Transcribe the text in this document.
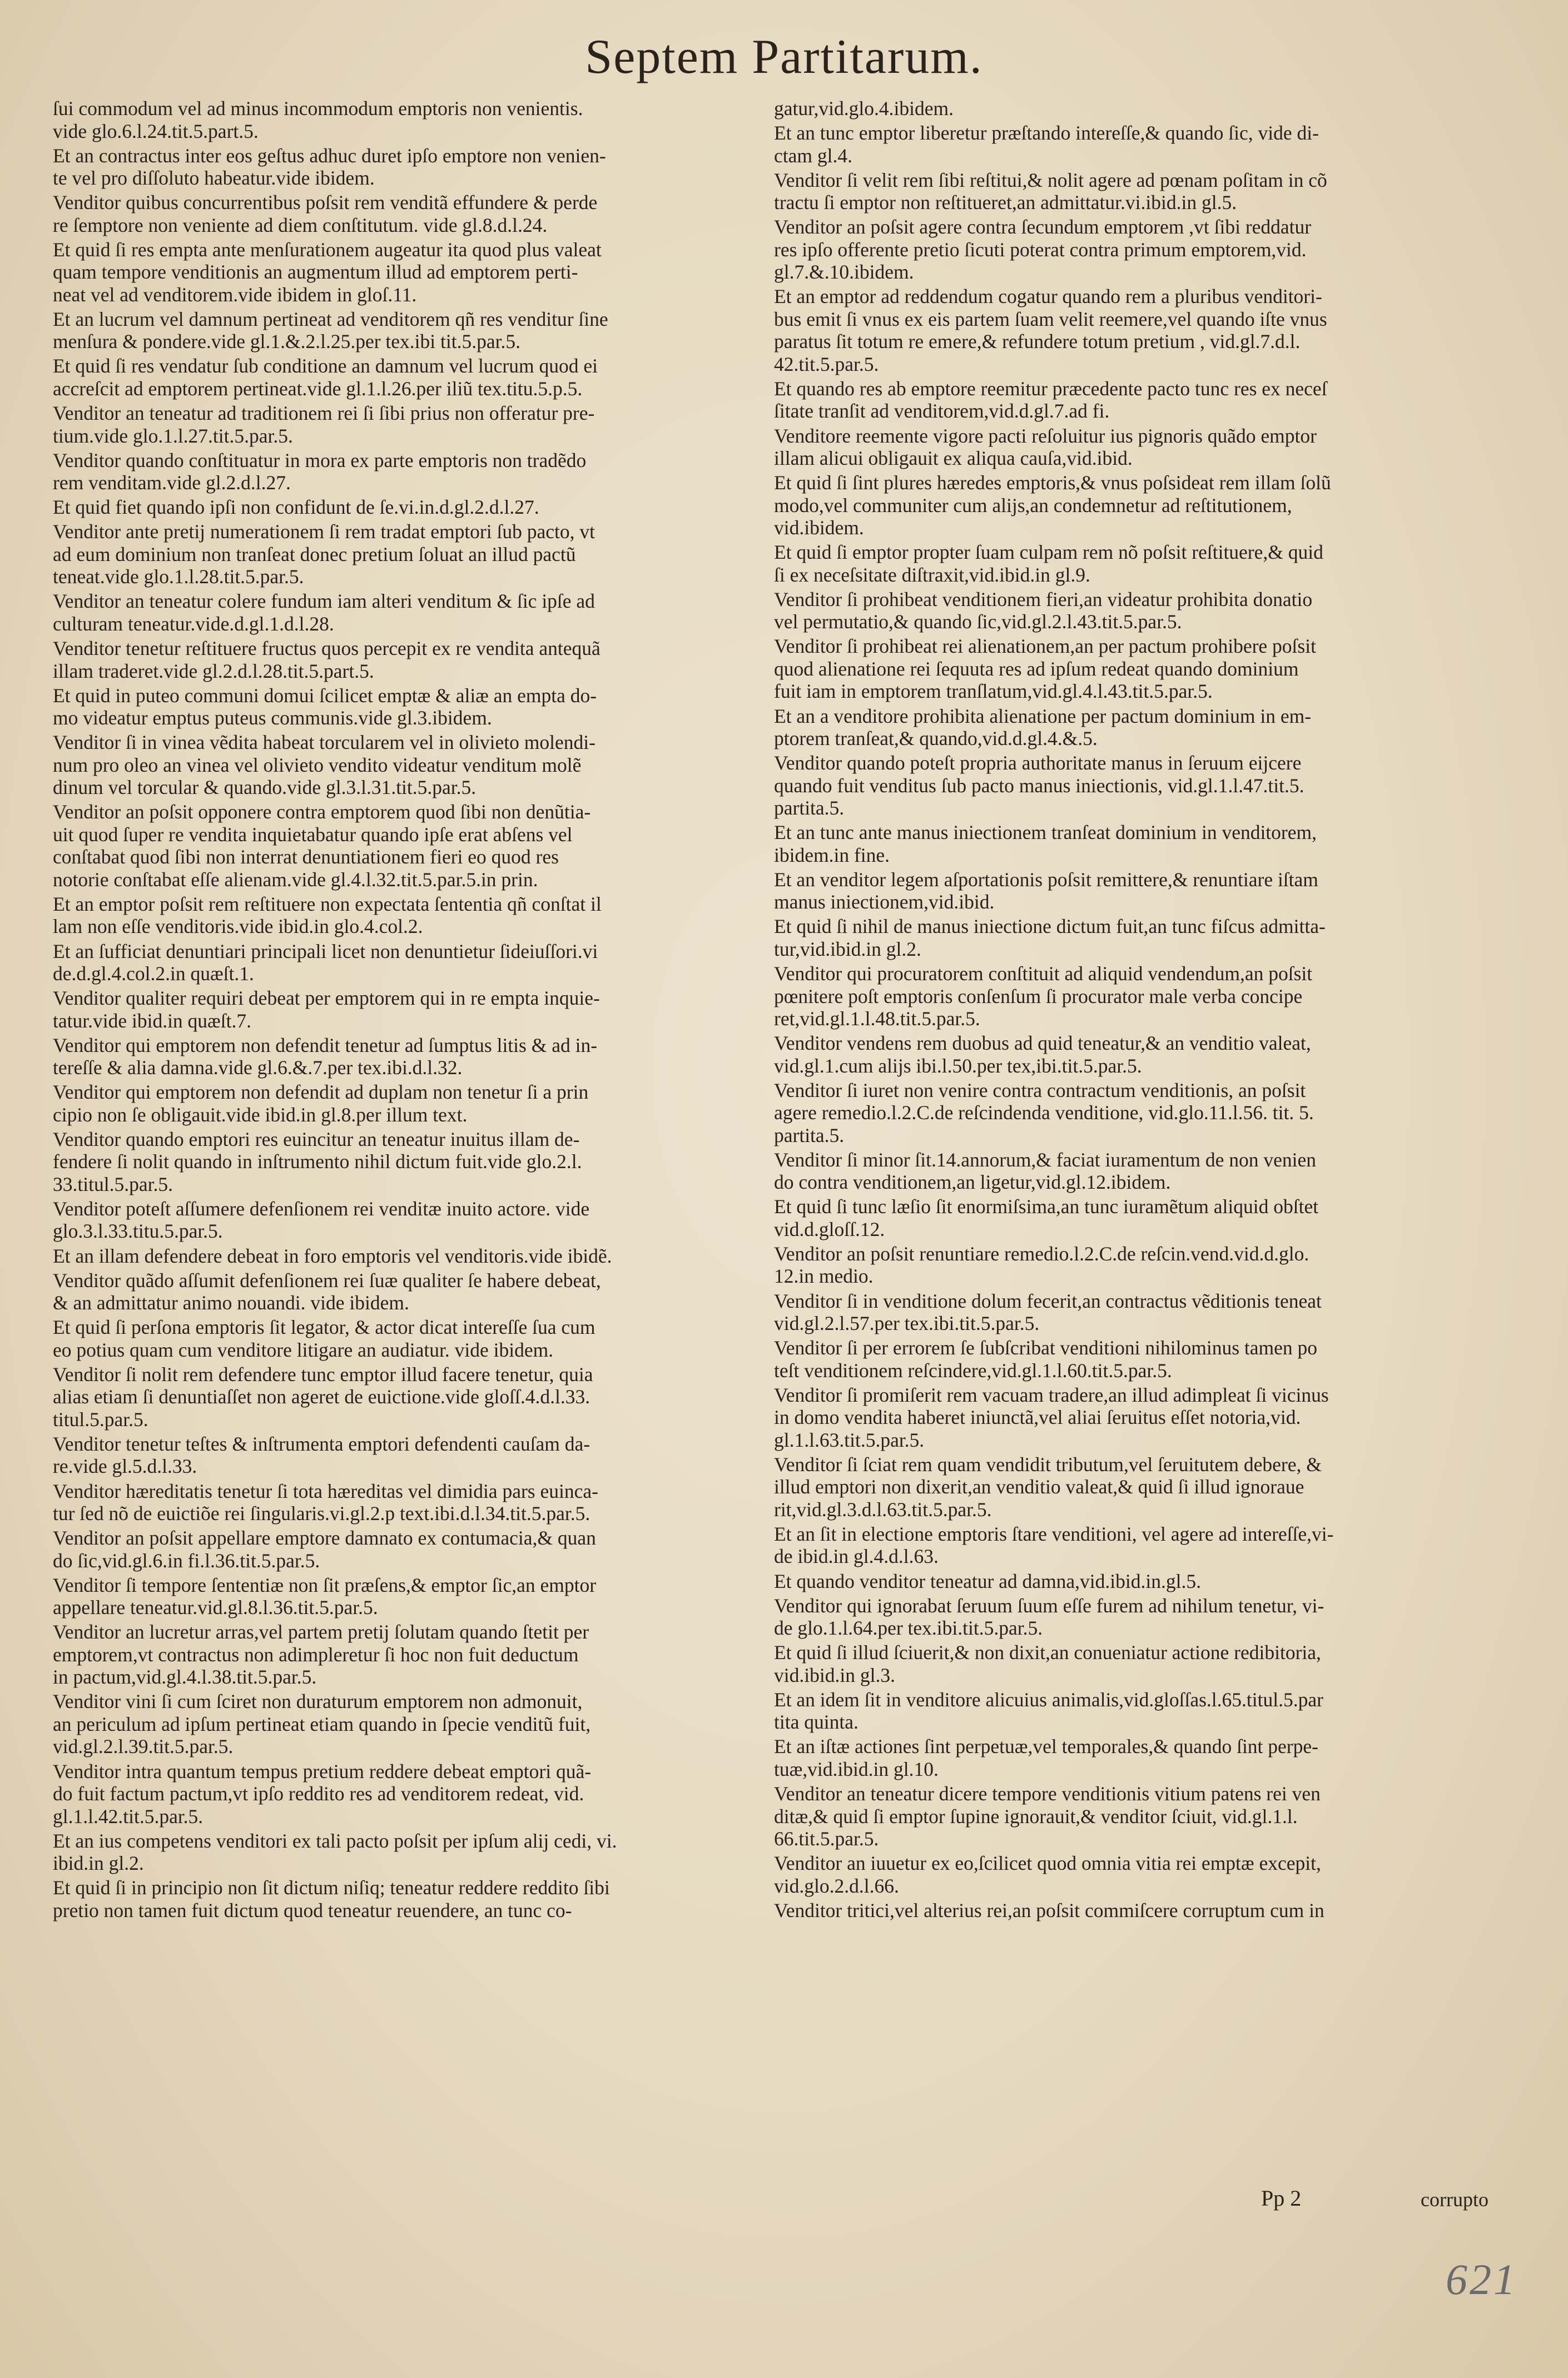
Septem Partitarum.
ſui commodum vel ad minus incommodum emptoris non venientis.
vide glo.6.l.24.tit.5.part.5.
Et an contractus inter eos geſtus adhuc duret ipſo emptore non venien-
te vel pro diſſoluto habeatur.vide ibidem.
Venditor quibus concurrentibus poſsit rem venditã effundere & perde
re ſemptore non veniente ad diem conſtitutum. vide gl.8.d.l.24.
Et quid ſi res empta ante menſurationem augeatur ita quod plus valeat
quam tempore venditionis an augmentum illud ad emptorem perti-
neat vel ad venditorem.vide ibidem in gloſ.11.
Et an lucrum vel damnum pertineat ad venditorem qñ res venditur ſine
menſura & pondere.vide gl.1.&.2.l.25.per tex.ibi tit.5.par.5.
Et quid ſi res vendatur ſub conditione an damnum vel lucrum quod ei
accreſcit ad emptorem pertineat.vide gl.1.l.26.per iliũ tex.titu.5.p.5.
Venditor an teneatur ad traditionem rei ſi ſibi prius non offeratur pre-
tium.vide glo.1.l.27.tit.5.par.5.
Venditor quando conſtituatur in mora ex parte emptoris non tradẽdo
rem venditam.vide gl.2.d.l.27.
Et quid fiet quando ipſi non confidunt de ſe.vi.in.d.gl.2.d.l.27.
Venditor ante pretij numerationem ſi rem tradat emptori ſub pacto, vt
ad eum dominium non tranſeat donec pretium ſoluat an illud pactũ
teneat.vide glo.1.l.28.tit.5.par.5.
Venditor an teneatur colere fundum iam alteri venditum & ſic ipſe ad
culturam teneatur.vide.d.gl.1.d.l.28.
Venditor tenetur reſtituere fructus quos percepit ex re vendita antequã
illam traderet.vide gl.2.d.l.28.tit.5.part.5.
Et quid in puteo communi domui ſcilicet emptæ & aliæ an empta do-
mo videatur emptus puteus communis.vide gl.3.ibidem.
Venditor ſi in vinea vẽdita habeat torcularem vel in olivieto molendi-
num pro oleo an vinea vel olivieto vendito videatur venditum molẽ
dinum vel torcular & quando.vide gl.3.l.31.tit.5.par.5.
Venditor an poſsit opponere contra emptorem quod ſibi non denũtia-
uit quod ſuper re vendita inquietabatur quando ipſe erat abſens vel
conſtabat quod ſibi non interrat denuntiationem fieri eo quod res
notorie conſtabat eſſe alienam.vide gl.4.l.32.tit.5.par.5.in prin.
Et an emptor poſsit rem reſtituere non expectata ſententia qñ conſtat il
lam non eſſe venditoris.vide ibid.in glo.4.col.2.
Et an ſufficiat denuntiari principali licet non denuntietur ſideiuſſori.vi
de.d.gl.4.col.2.in quæſt.1.
Venditor qualiter requiri debeat per emptorem qui in re empta inquie-
tatur.vide ibid.in quæſt.7.
Venditor qui emptorem non defendit tenetur ad ſumptus litis & ad in-
tereſſe & alia damna.vide gl.6.&.7.per tex.ibi.d.l.32.
Venditor qui emptorem non defendit ad duplam non tenetur ſi a prin
cipio non ſe obligauit.vide ibid.in gl.8.per illum text.
Venditor quando emptori res euincitur an teneatur inuitus illam de-
fendere ſi nolit quando in inſtrumento nihil dictum fuit.vide glo.2.l.
33.titul.5.par.5.
Venditor poteſt aſſumere defenſionem rei venditæ inuito actore. vide
glo.3.l.33.titu.5.par.5.
Et an illam defendere debeat in foro emptoris vel venditoris.vide ibidẽ.
Venditor quãdo aſſumit defenſionem rei ſuæ qualiter ſe habere debeat,
& an admittatur animo nouandi. vide ibidem.
Et quid ſi perſona emptoris ſit legator, & actor dicat intereſſe ſua cum
eo potius quam cum venditore litigare an audiatur. vide ibidem.
Venditor ſi nolit rem defendere tunc emptor illud facere tenetur, quia
alias etiam ſi denuntiaſſet non ageret de euictione.vide gloſſ.4.d.l.33.
titul.5.par.5.
Venditor tenetur teſtes & inſtrumenta emptori defendenti cauſam da-
re.vide gl.5.d.l.33.
Venditor hæreditatis tenetur ſi tota hæreditas vel dimidia pars euinca-
tur ſed nõ de euictiõe rei ſingularis.vi.gl.2.p text.ibi.d.l.34.tit.5.par.5.
Venditor an poſsit appellare emptore damnato ex contumacia,& quan
do ſic,vid.gl.6.in fi.l.36.tit.5.par.5.
Venditor ſi tempore ſententiæ non ſit præſens,& emptor ſic,an emptor
appellare teneatur.vid.gl.8.l.36.tit.5.par.5.
Venditor an lucretur arras,vel partem pretij ſolutam quando ſtetit per
emptorem,vt contractus non adimpleretur ſi hoc non fuit deductum
in pactum,vid.gl.4.l.38.tit.5.par.5.
Venditor vini ſi cum ſciret non duraturum emptorem non admonuit,
an periculum ad ipſum pertineat etiam quando in ſpecie venditũ fuit,
vid.gl.2.l.39.tit.5.par.5.
Venditor intra quantum tempus pretium reddere debeat emptori quã-
do fuit factum pactum,vt ipſo reddito res ad venditorem redeat, vid.
gl.1.l.42.tit.5.par.5.
Et an ius competens venditori ex tali pacto poſsit per ipſum alij cedi, vi.
ibid.in gl.2.
Et quid ſi in principio non ſit dictum niſiq; teneatur reddere reddito ſibi
pretio non tamen fuit dictum quod teneatur reuendere, an tunc co-
gatur,vid.glo.4.ibidem.
Et an tunc emptor liberetur præſtando intereſſe,& quando ſic, vide di-
ctam gl.4.
Venditor ſi velit rem ſibi reſtitui,& nolit agere ad pœnam poſitam in cõ
tractu ſi emptor non reſtitueret,an admittatur.vi.ibid.in gl.5.
Venditor an poſsit agere contra ſecundum emptorem ,vt ſibi reddatur
res ipſo offerente pretio ſicuti poterat contra primum emptorem,vid.
gl.7.&.10.ibidem.
Et an emptor ad reddendum cogatur quando rem a pluribus venditori-
bus emit ſi vnus ex eis partem ſuam velit reemere,vel quando iſte vnus
paratus ſit totum re emere,& refundere totum pretium , vid.gl.7.d.l.
42.tit.5.par.5.
Et quando res ab emptore reemitur præcedente pacto tunc res ex neceſ
ſitate tranſit ad venditorem,vid.d.gl.7.ad fi.
Venditore reemente vigore pacti reſoluitur ius pignoris quãdo emptor
illam alicui obligauit ex aliqua cauſa,vid.ibid.
Et quid ſi ſint plures hæredes emptoris,& vnus poſsideat rem illam ſolũ
modo,vel communiter cum alijs,an condemnetur ad reſtitutionem,
vid.ibidem.
Et quid ſi emptor propter ſuam culpam rem nõ poſsit reſtituere,& quid
ſi ex neceſsitate diſtraxit,vid.ibid.in gl.9.
Venditor ſi prohibeat venditionem fieri,an videatur prohibita donatio
vel permutatio,& quando ſic,vid.gl.2.l.43.tit.5.par.5.
Venditor ſi prohibeat rei alienationem,an per pactum prohibere poſsit
quod alienatione rei ſequuta res ad ipſum redeat quando dominium
fuit iam in emptorem tranſlatum,vid.gl.4.l.43.tit.5.par.5.
Et an a venditore prohibita alienatione per pactum dominium in em-
ptorem tranſeat,& quando,vid.d.gl.4.&.5.
Venditor quando poteſt propria authoritate manus in ſeruum eijcere
quando fuit venditus ſub pacto manus iniectionis, vid.gl.1.l.47.tit.5.
partita.5.
Et an tunc ante manus iniectionem tranſeat dominium in venditorem,
ibidem.in fine.
Et an venditor legem aſportationis poſsit remittere,& renuntiare iſtam
manus iniectionem,vid.ibid.
Et quid ſi nihil de manus iniectione dictum fuit,an tunc fiſcus admitta-
tur,vid.ibid.in gl.2.
Venditor qui procuratorem conſtituit ad aliquid vendendum,an poſsit
pœnitere poſt emptoris conſenſum ſi procurator male verba concipe
ret,vid.gl.1.l.48.tit.5.par.5.
Venditor vendens rem duobus ad quid teneatur,& an venditio valeat,
vid.gl.1.cum alijs ibi.l.50.per tex,ibi.tit.5.par.5.
Venditor ſi iuret non venire contra contractum venditionis, an poſsit
agere remedio.l.2.C.de reſcindenda venditione, vid.glo.11.l.56. tit. 5.
partita.5.
Venditor ſi minor ſit.14.annorum,& faciat iuramentum de non venien
do contra venditionem,an ligetur,vid.gl.12.ibidem.
Et quid ſi tunc læſio ſit enormiſsima,an tunc iuramẽtum aliquid obſtet
vid.d.gloſſ.12.
Venditor an poſsit renuntiare remedio.l.2.C.de reſcin.vend.vid.d.glo.
12.in medio.
Venditor ſi in venditione dolum fecerit,an contractus vẽditionis teneat
vid.gl.2.l.57.per tex.ibi.tit.5.par.5.
Venditor ſi per errorem ſe ſubſcribat venditioni nihilominus tamen po
teſt venditionem reſcindere,vid.gl.1.l.60.tit.5.par.5.
Venditor ſi promiſerit rem vacuam tradere,an illud adimpleat ſi vicinus
in domo vendita haberet iniunctã,vel aliai ſeruitus eſſet notoria,vid.
gl.1.l.63.tit.5.par.5.
Venditor ſi ſciat rem quam vendidit tributum,vel ſeruitutem debere, &
illud emptori non dixerit,an venditio valeat,& quid ſi illud ignoraue
rit,vid.gl.3.d.l.63.tit.5.par.5.
Et an ſit in electione emptoris ſtare venditioni, vel agere ad intereſſe,vi-
de ibid.in gl.4.d.l.63.
Et quando venditor teneatur ad damna,vid.ibid.in.gl.5.
Venditor qui ignorabat ſeruum ſuum eſſe furem ad nihilum tenetur, vi-
de glo.1.l.64.per tex.ibi.tit.5.par.5.
Et quid ſi illud ſciuerit,& non dixit,an conueniatur actione redibitoria,
vid.ibid.in gl.3.
Et an idem ſit in venditore alicuius animalis,vid.gloſſas.l.65.titul.5.par
tita quinta.
Et an iſtæ actiones ſint perpetuæ,vel temporales,& quando ſint perpe-
tuæ,vid.ibid.in gl.10.
Venditor an teneatur dicere tempore venditionis vitium patens rei ven
ditæ,& quid ſi emptor ſupine ignorauit,& venditor ſciuit, vid.gl.1.l.
66.tit.5.par.5.
Venditor an iuuetur ex eo,ſcilicet quod omnia vitia rei emptæ excepit,
vid.glo.2.d.l.66.
Venditor tritici,vel alterius rei,an poſsit commiſcere corruptum cum in
Pp 2	corrupto
621
